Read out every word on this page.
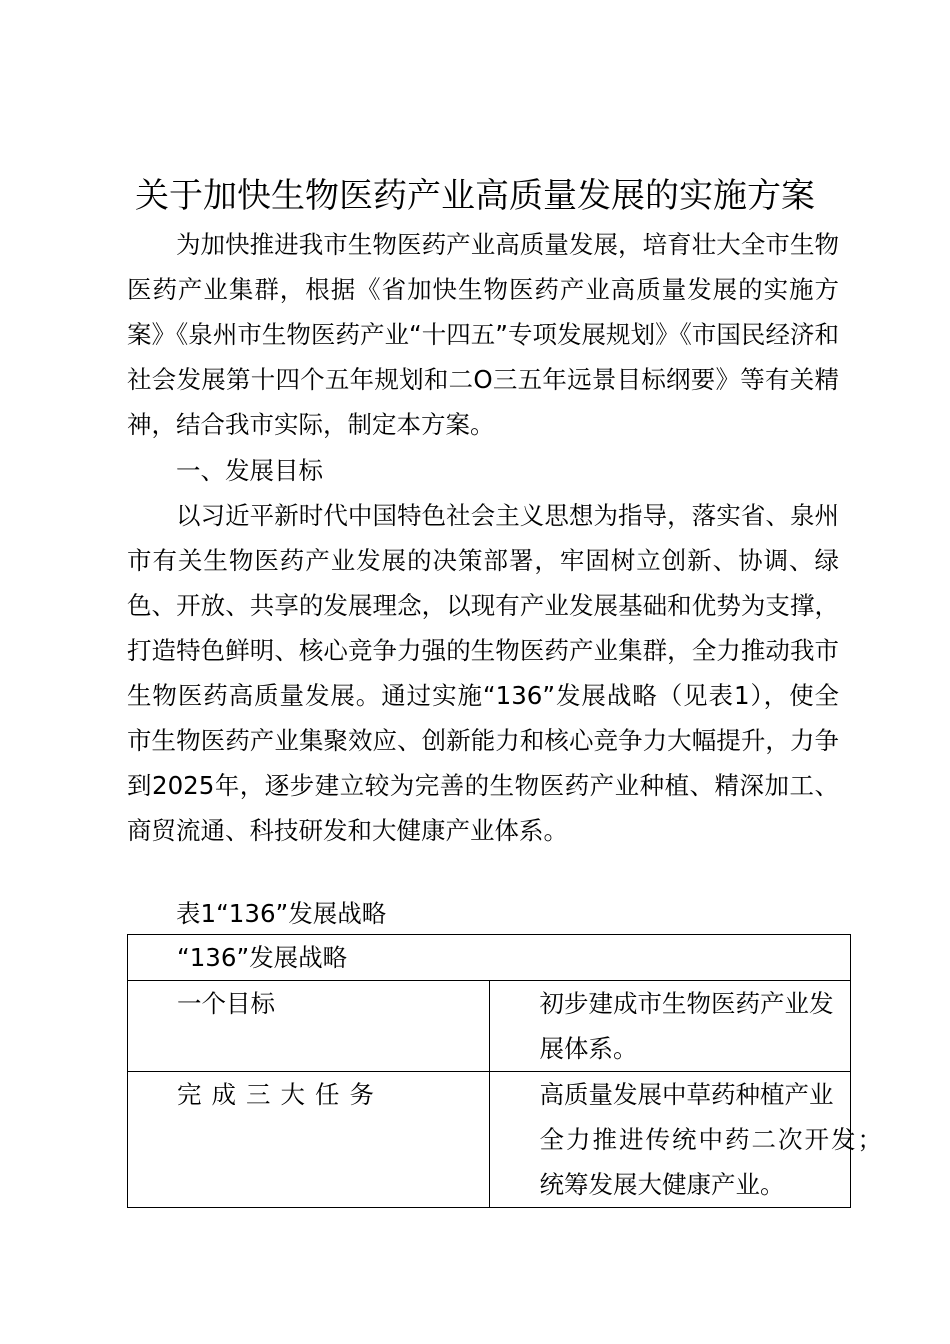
关于加快生物医药产业高质量发展的实施方案

为加快推进我市生物医药产业高质量发展，培育壮大全市生物医药产业集群，根据《省加快生物医药产业高质量发展的实施方案》《泉州市生物医药产业“十四五”专项发展规划》《市国民经济和社会发展第十四个五年规划和二O三五年远景目标纲要》等有关精神，结合我市实际，制定本方案。

一、发展目标

以习近平新时代中国特色社会主义思想为指导，落实省、泉州市有关生物医药产业发展的决策部署，牢固树立创新、协调、绿色、开放、共享的发展理念，以现有产业发展基础和优势为支撑，打造特色鲜明、核心竞争力强的生物医药产业集群，全力推动我市生物医药高质量发展。通过实施“136”发展战略（见表1），使全市生物医药产业集聚效应、创新能力和核心竞争力大幅提升，力争到2025年，逐步建立较为完善的生物医药产业种植、精深加工、商贸流通、科技研发和大健康产业体系。

表1“136”发展战略
“136”发展战略	

一个目标	初步建成市生物医药产业发展体系。

完成三大任务	高质量发展中草药种植产业
全力推进传统中药二次开发；
统筹发展大健康产业。
